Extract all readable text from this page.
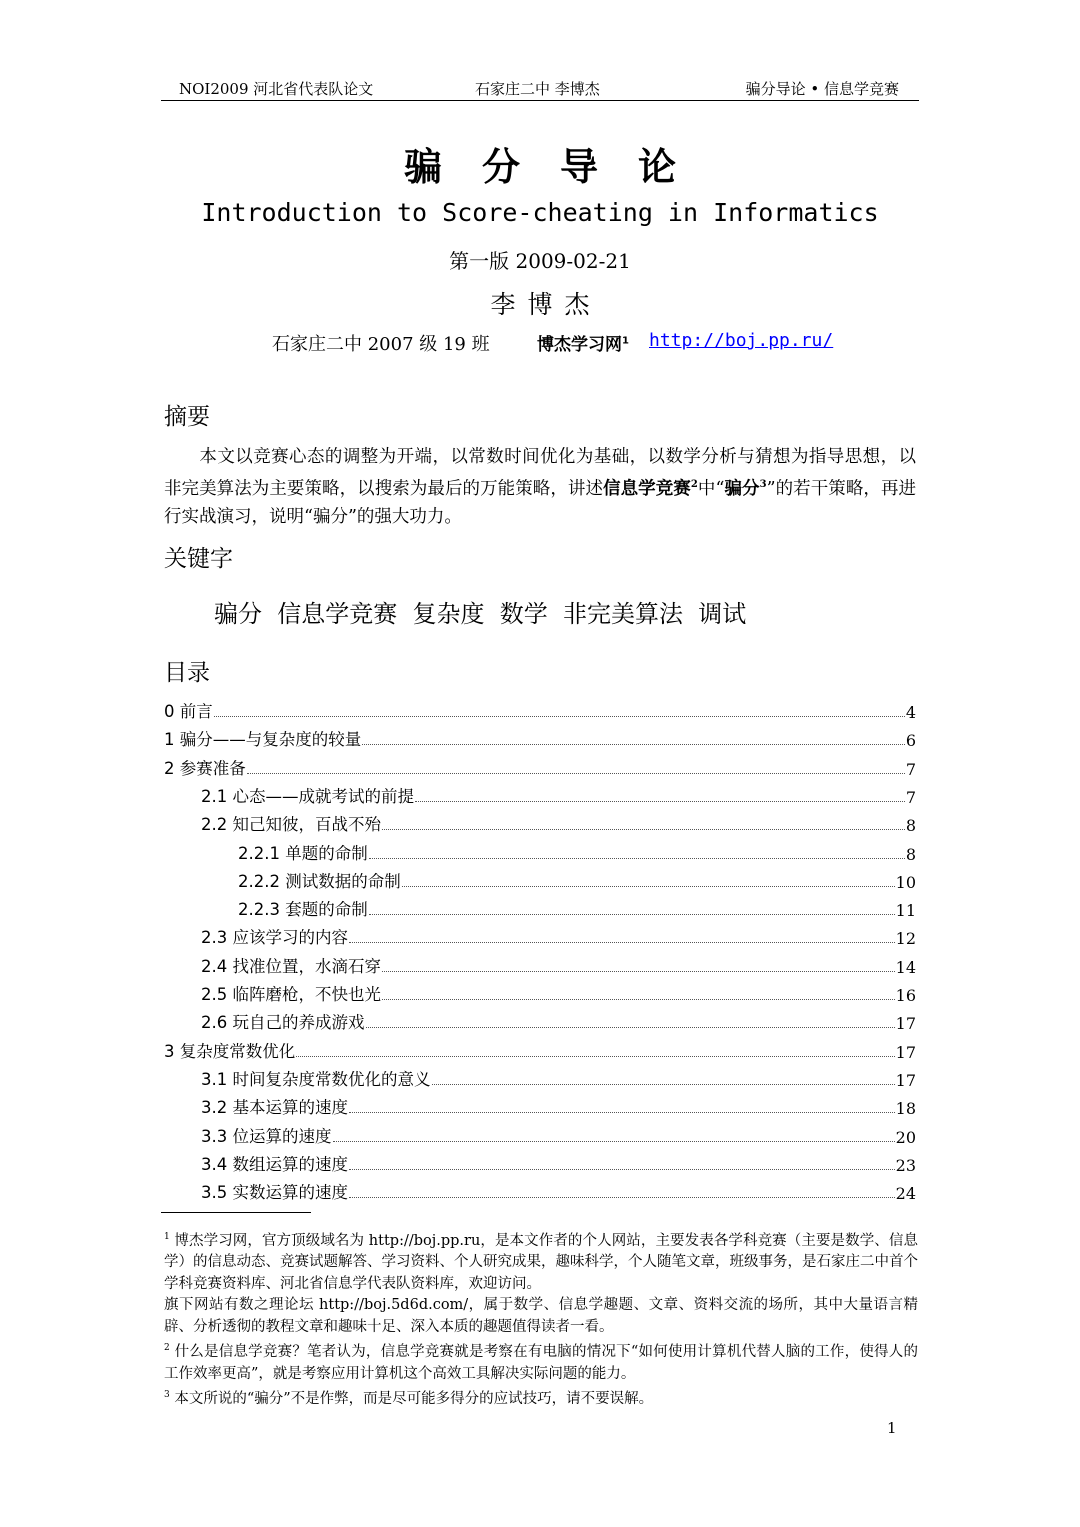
NOI2009 河北省代表队论文	石家庄二中 李博杰	骗分导论 • 信息学竞赛
骗分导论
Introduction to Score-cheating in Informatics
第一版 2009-02-21
李博杰
石家庄二中 2007 级 19 班	博杰学习网$^1$ http://boj.pp.ru/
摘要
  本文以竞赛心态的调整为开端，以常数时间优化为基础，以数学分析与猜想为指导思想，以非完美算法为主要策略，以搜索为最后的万能策略，讲述信息学竞赛$^2$中“骗分$^3$”的若干策略，再进行实战演习，说明“骗分”的强大功力。
关键字
骗分  信息学竞赛  复杂度  数学  非完美算法  调试
目录
0 前言	4
1 骗分——与复杂度的较量	6
2 参赛准备	7
2.1 心态——成就考试的前提	7
2.2 知己知彼，百战不殆	8
2.2.1 单题的命制	8
2.2.2 测试数据的命制	10
2.2.3 套题的命制	11
2.3 应该学习的内容	12
2.4 找准位置，水滴石穿	14
2.5 临阵磨枪，不快也光	16
2.6 玩自己的养成游戏	17
3 复杂度常数优化	17
3.1 时间复杂度常数优化的意义	17
3.2 基本运算的速度	18
3.3 位运算的速度	20
3.4 数组运算的速度	23
3.5 实数运算的速度	24

$^1$ 博杰学习网，官方顶级域名为 http://boj.pp.ru，是本文作者的个人网站，主要发表各学科竞赛（主要是数学、信息学）的信息动态、竞赛试题解答、学习资料、个人研究成果，趣味科学，个人随笔文章，班级事务，是石家庄二中首个学科竞赛资料库、河北省信息学代表队资料库，欢迎访问。

旗下网站有数之理论坛 http://boj.5d6d.com/，属于数学、信息学趣题、文章、资料交流的场所，其中大量语言精辟、分析透彻的教程文章和趣味十足、深入本质的趣题值得读者一看。

$^2$ 什么是信息学竞赛？笔者认为，信息学竞赛就是考察在有电脑的情况下“如何使用计算机代替人脑的工作，使得人的工作效率更高”，就是考察应用计算机这个高效工具解决实际问题的能力。

$^3$ 本文所说的“骗分”不是作弊，而是尽可能多得分的应试技巧，请不要误解。

1
